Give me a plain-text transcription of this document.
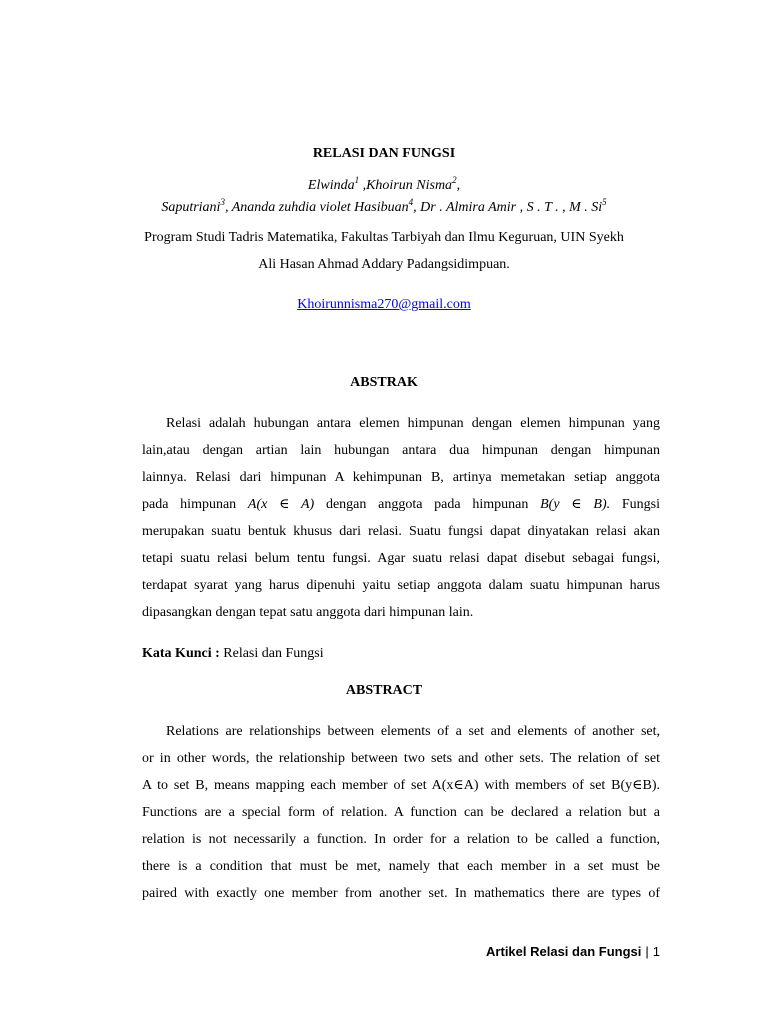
RELASI DAN FUNGSI
Elwinda$^1$ ,Khoirun Nisma$^2$,
Saputriani$^3$, Ananda zuhdia violet Hasibuan$^4$, Dr . Almira Amir , S . T . , M . Si$^5$
Program Studi Tadris Matematika, Fakultas Tarbiyah dan Ilmu Keguruan, UIN Syekh
Ali Hasan Ahmad Addary Padangsidimpuan.
Khoirunnisma270@gmail.com
ABSTRAK
Relasi adalah hubungan antara elemen himpunan dengan elemen himpunan yang
lain,atau dengan artian lain hubungan antara dua himpunan dengan himpunan
lainnya. Relasi dari himpunan A kehimpunan B, artinya memetakan setiap anggota
pada himpunan A(x ∈ A) dengan anggota pada himpunan B(y ∈ B). Fungsi
merupakan suatu bentuk khusus dari relasi. Suatu fungsi dapat dinyatakan relasi akan
tetapi suatu relasi belum tentu fungsi. Agar suatu relasi dapat disebut sebagai fungsi,
terdapat syarat yang harus dipenuhi yaitu setiap anggota dalam suatu himpunan harus
dipasangkan dengan tepat satu anggota dari himpunan lain.
Kata Kunci : Relasi dan Fungsi
ABSTRACT
Relations are relationships between elements of a set and elements of another set,
or in other words, the relationship between two sets and other sets. The relation of set
A to set B, means mapping each member of set A(x∈A) with members of set B(y∈B).
Functions are a special form of relation. A function can be declared a relation but a
relation is not necessarily a function. In order for a relation to be called a function,
there is a condition that must be met, namely that each member in a set must be
paired with exactly one member from another set. In mathematics there are types of
Artikel Relasi dan Fungsi | 1
